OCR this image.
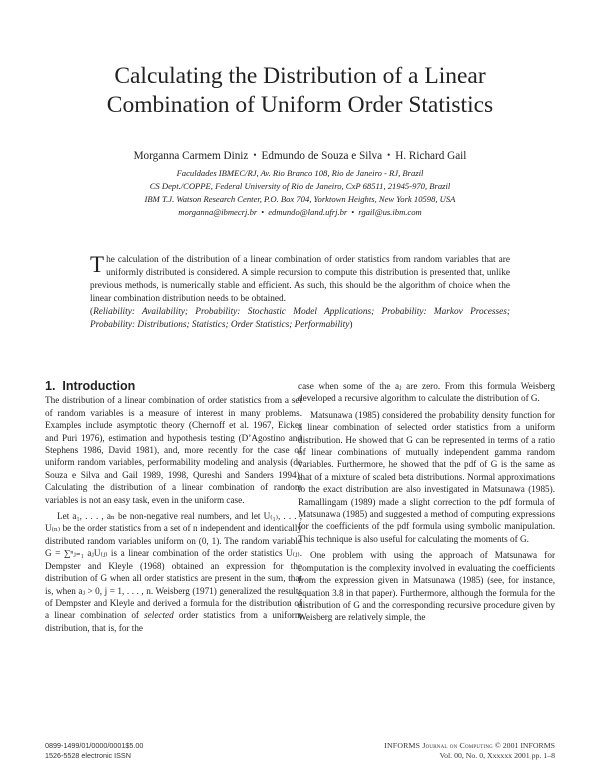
Calculating the Distribution of a Linear
Combination of Uniform Order Statistics
Morganna Carmem Diniz • Edmundo de Souza e Silva • H. Richard Gail
Faculdades IBMEC/RJ, Av. Rio Branco 108, Rio de Janeiro - RJ, Brazil
CS Dept./COPPE, Federal University of Rio de Janeiro, CxP 68511, 21945-970, Brazil
IBM T.J. Watson Research Center, P.O. Box 704, Yorktown Heights, New York 10598, USA
morganna@ibmecrj.br • edmundo@land.ufrj.br • rgail@us.ibm.com
The calculation of the distribution of a linear combination of order statistics from random variables that are uniformly distributed is considered. A simple recursion to compute this distribution is presented that, unlike previous methods, is numerically stable and efficient. As such, this should be the algorithm of choice when the linear combination distribution needs to be obtained.
(Reliability: Availability; Probability: Stochastic Model Applications; Probability: Markov Processes; Probability: Distributions; Statistics; Order Statistics; Performability)
1. Introduction

The distribution of a linear combination of order statistics from a set of random variables is a measure of interest in many problems. Examples include asymptotic theory (Chernoff et al. 1967, Eicker and Puri 1976), estimation and hypothesis testing (D’Agostino and Stephens 1986, David 1981), and, more recently for the case of uniform random variables, performability modeling and analysis (de Souza e Silva and Gail 1989, 1998, Qureshi and Sanders 1994). Calculating the distribution of a linear combination of random variables is not an easy task, even in the uniform case.

Let a₁, . . . , aₙ be non-negative real numbers, and let U₍₁₎, . . . , U₍ₙ₎ be the order statistics from a set of n independent and identically distributed random variables uniform on (0, 1). The random variable G = ∑ⁿⱼ₌₁ aⱼU₍ⱼ₎ is a linear combination of the order statistics U₍ⱼ₎. Dempster and Kleyle (1968) obtained an expression for the distribution of G when all order statistics are present in the sum, that is, when aⱼ > 0, j = 1, . . . , n. Weisberg (1971) generalized the results of Dempster and Kleyle and derived a formula for the distribution of a linear combination of selected order statistics from a uniform distribution, that is, for the

case when some of the aⱼ are zero. From this formula Weisberg developed a recursive algorithm to calculate the distribution of G.

Matsunawa (1985) considered the probability density function for a linear combination of selected order statistics from a uniform distribution. He showed that G can be represented in terms of a ratio of linear combinations of mutually independent gamma random variables. Furthermore, he showed that the pdf of G is the same as that of a mixture of scaled beta distributions. Normal approximations to the exact distribution are also investigated in Matsunawa (1985). Ramallingam (1989) made a slight correction to the pdf formula of Matsunawa (1985) and suggested a method of computing expressions for the coefficients of the pdf formula using symbolic manipulation. This technique is also useful for calculating the moments of G.

One problem with using the approach of Matsunawa for computation is the complexity involved in evaluating the coefficients from the expression given in Matsunawa (1985) (see, for instance, equation 3.8 in that paper). Furthermore, although the formula for the distribution of G and the corresponding recursive procedure given by Weisberg are relatively simple, the

0899-1499/01/0000/0001$5.00
1526-5528 electronic ISSN
INFORMS Journal on Computing © 2001 INFORMS
Vol. 00, No. 0, Xxxxxx 2001 pp. 1–8
